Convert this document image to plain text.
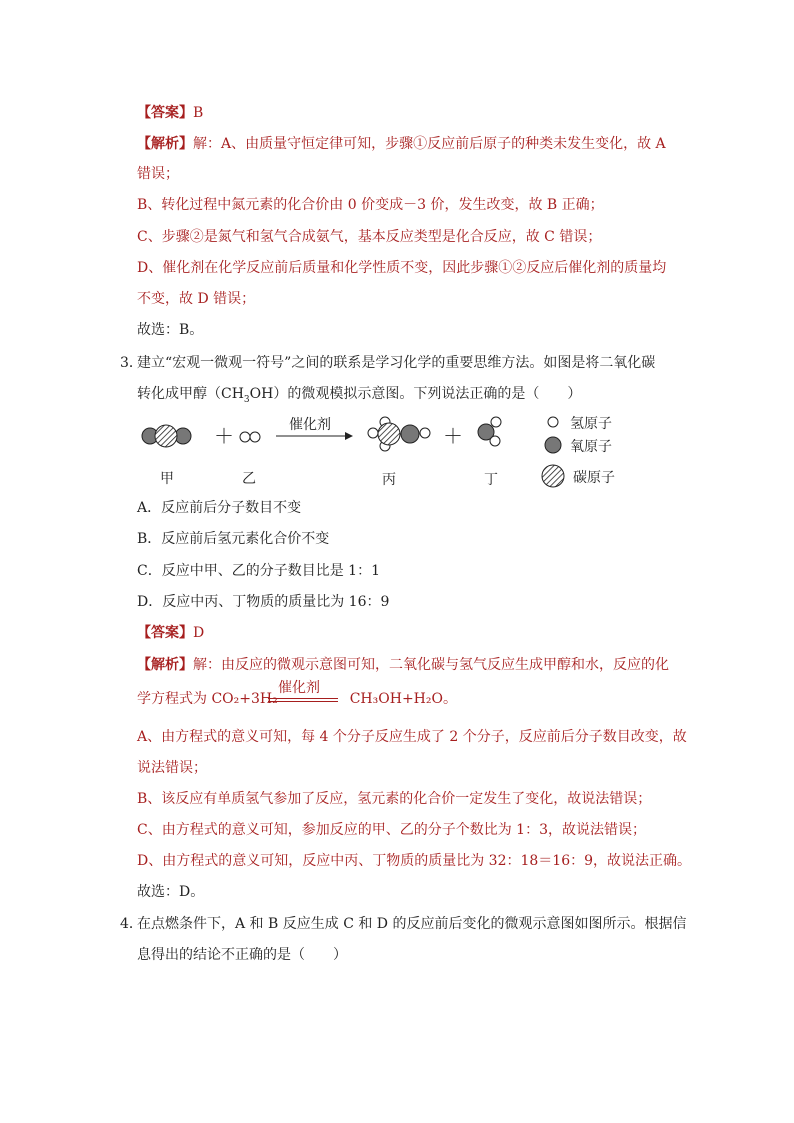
【答案】B
【解析】解：A、由质量守恒定律可知，步骤①反应前后原子的种类未发生变化，故 A
错误；
B、转化过程中氮元素的化合价由 0 价变成－3 价，发生改变，故 B 正确；
C、步骤②是氮气和氢气合成氨气，基本反应类型是化合反应，故 C 错误；
D、催化剂在化学反应前后质量和化学性质不变，因此步骤①②反应后催化剂的质量均
不变，故 D 错误；
故选：B。
3．
建立“宏观一微观一符号”之间的联系是学习化学的重要思维方法。如图是将二氧化碳
转化成甲醇$(CH_3OH)$的微观模拟示意图。下列说法正确的是（　　）
＋	催化剂	＋	氢原子
氧原子
碳原子
甲	乙	丙	丁
A．反应前后分子数目不变
B．反应前后氢元素化合价不变
C．反应中甲、乙的分子数目比是 1：1
D．反应中丙、丁物质的质量比为 16：9
【答案】D
【解析】解：由反应的微观示意图可知，二氧化碳与氢气反应生成甲醇和水，反应的化
学方程式为 CO₂+3H₂	CH₃OH+H₂O。
催化剂
A、由方程式的意义可知，每 4 个分子反应生成了 2 个分子，反应前后分子数目改变，故
说法错误；
B、该反应有单质氢气参加了反应，氢元素的化合价一定发生了变化，故说法错误；
C、由方程式的意义可知，参加反应的甲、乙的分子个数比为 1：3，故说法错误；
D、由方程式的意义可知，反应中丙、丁物质的质量比为 32：18＝16：9，故说法正确。
故选：D。
4．
在点燃条件下，A 和 B 反应生成 C 和 D 的反应前后变化的微观示意图如图所示。根据信
息得出的结论不正确的是（　　）
